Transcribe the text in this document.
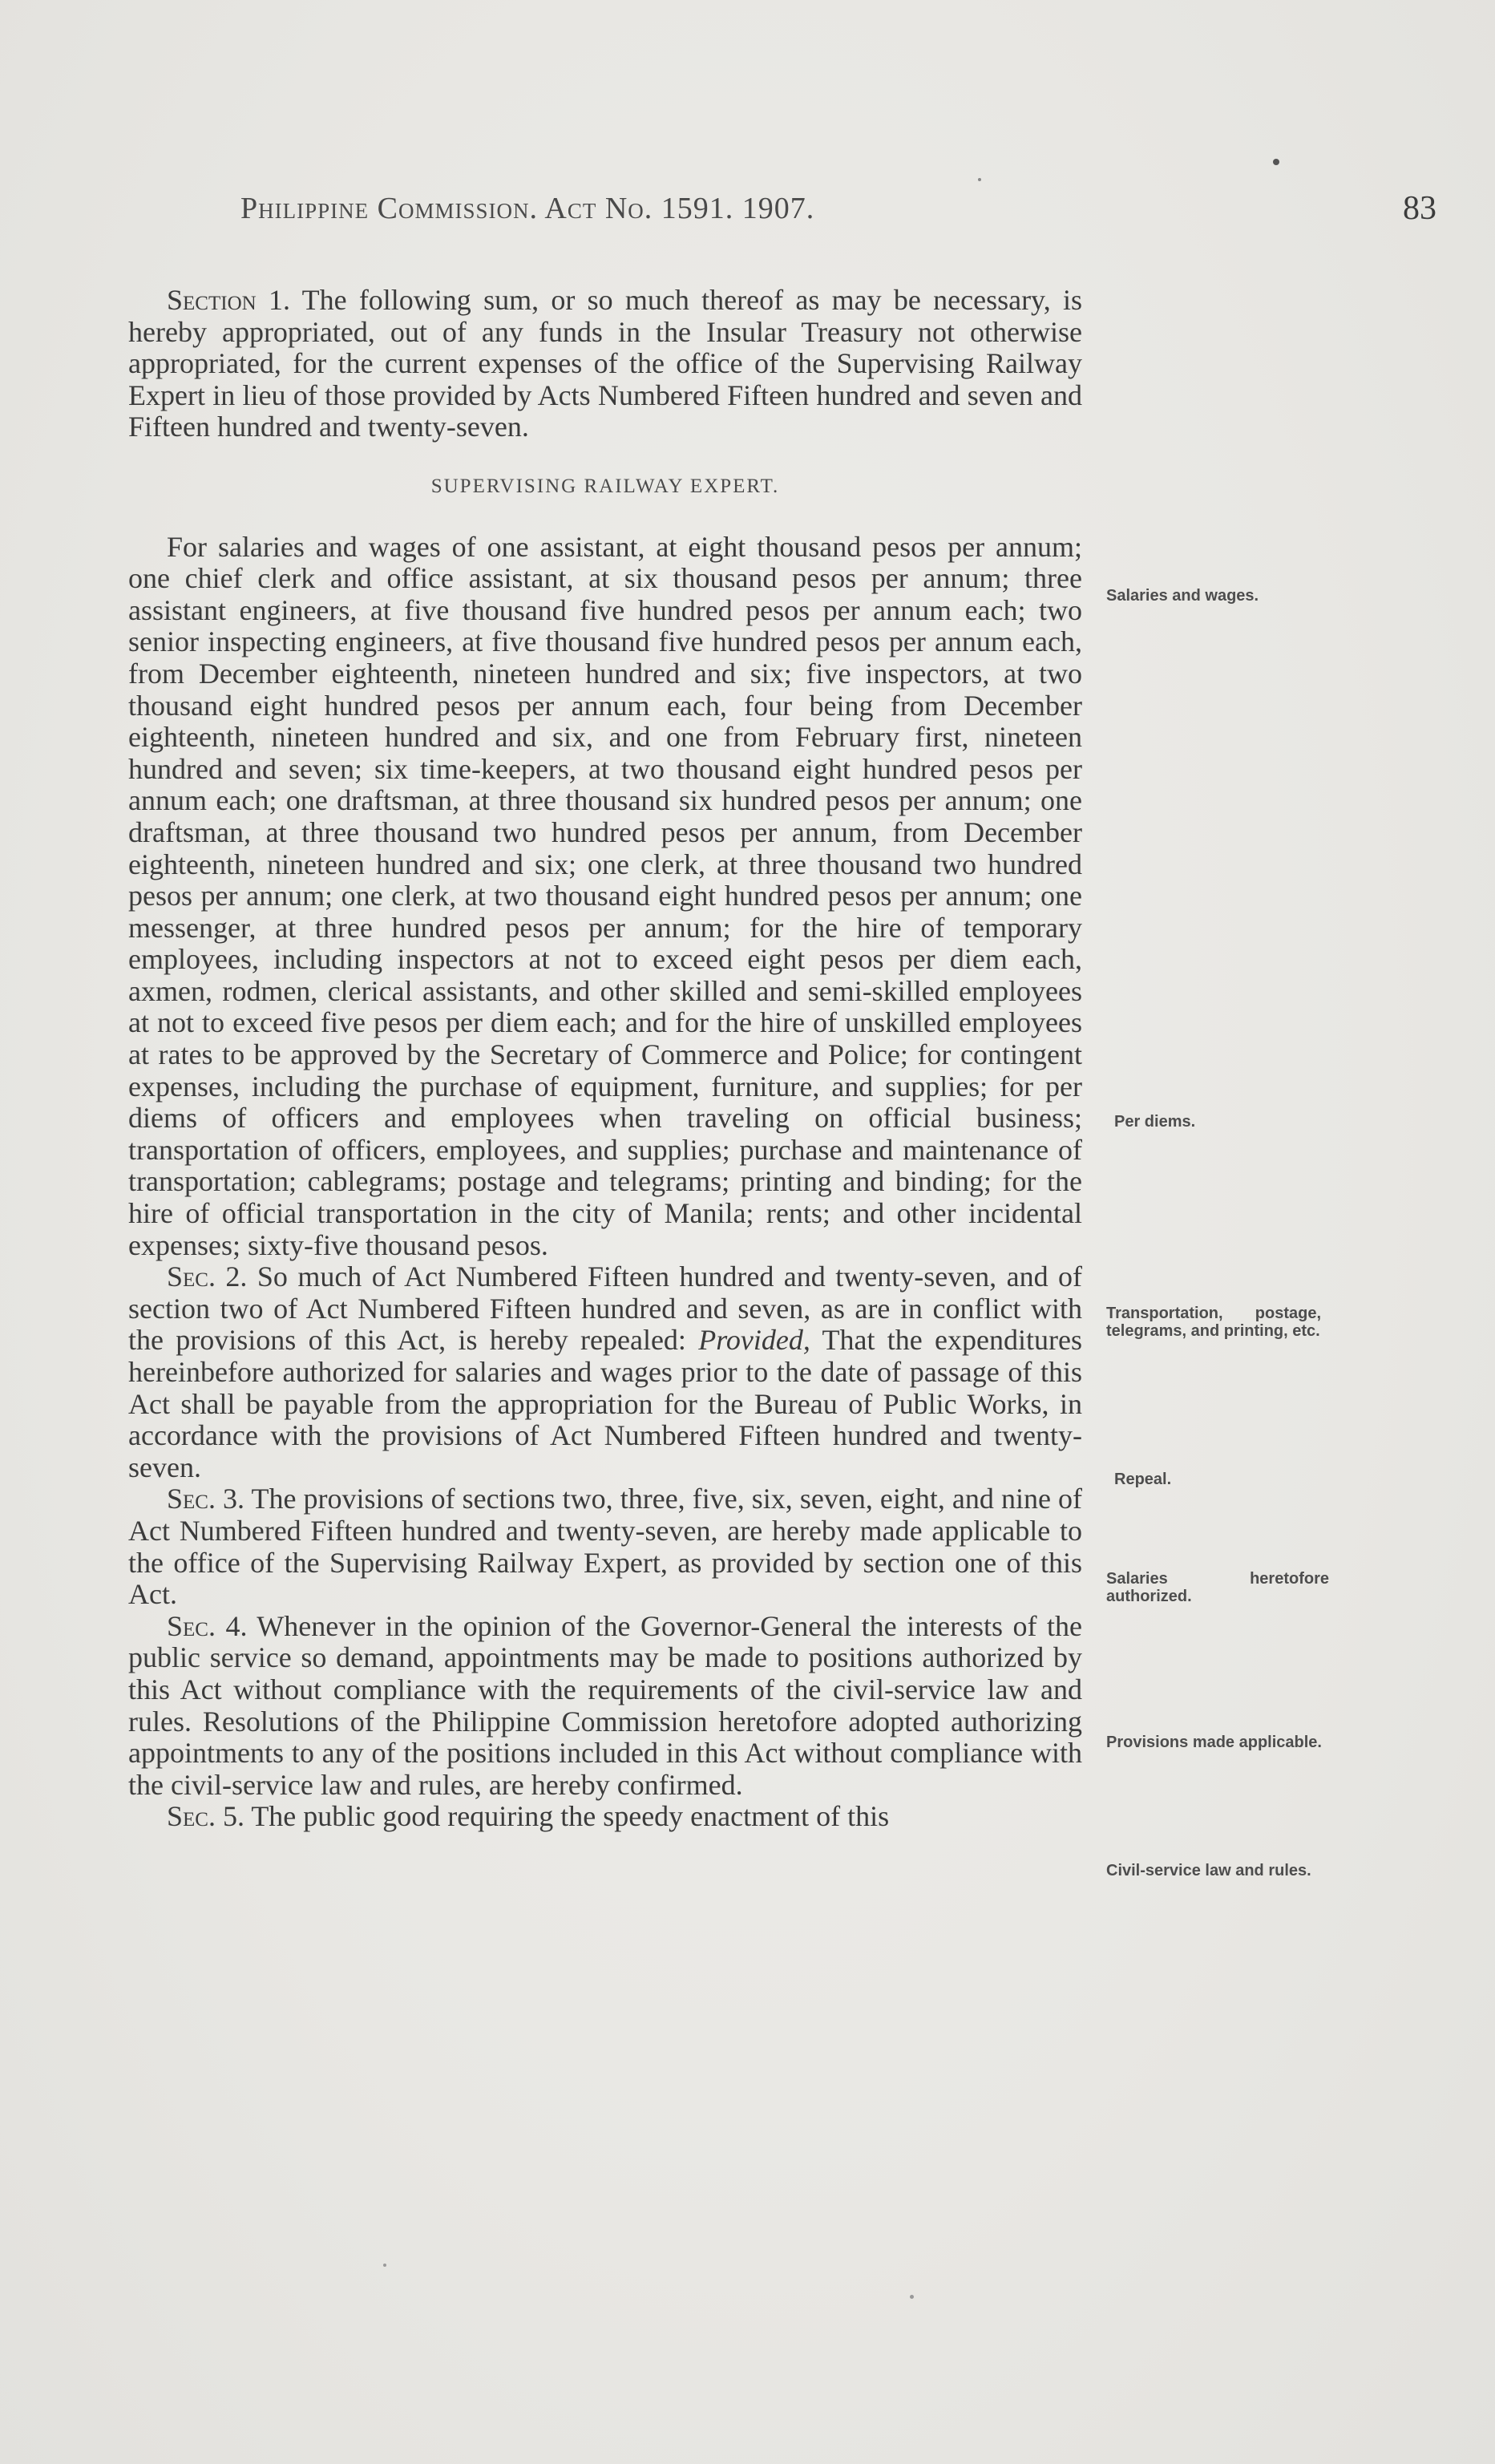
Philippine Commission. Act No. 1591. 1907.	83

Section 1. The following sum, or so much thereof as may be necessary, is hereby appropriated, out of any funds in the Insular Treasury not otherwise appropriated, for the current expenses of the office of the Supervising Railway Expert in lieu of those provided by Acts Numbered Fifteen hundred and seven and Fifteen hundred and twenty-seven.

SUPERVISING RAILWAY EXPERT.

For salaries and wages of one assistant, at eight thousand pesos per annum; one chief clerk and office assistant, at six thousand pesos per annum; three assistant engineers, at five thousand five hundred pesos per annum each; two senior inspecting engineers, at five thousand five hundred pesos per annum each, from December eighteenth, nineteen hundred and six; five inspectors, at two thousand eight hundred pesos per annum each, four being from December eighteenth, nineteen hundred and six, and one from February first, nineteen hundred and seven; six time-keepers, at two thousand eight hundred pesos per annum each; one draftsman, at three thousand six hundred pesos per annum; one draftsman, at three thousand two hundred pesos per annum, from December eighteenth, nineteen hundred and six; one clerk, at three thousand two hundred pesos per annum; one clerk, at two thousand eight hundred pesos per annum; one messenger, at three hundred pesos per annum; for the hire of temporary employees, including inspectors at not to exceed eight pesos per diem each, axmen, rodmen, clerical assistants, and other skilled and semi-skilled employees at not to exceed five pesos per diem each; and for the hire of unskilled employees at rates to be approved by the Secretary of Commerce and Police; for contingent expenses, including the purchase of equipment, furniture, and supplies; for per diems of officers and employees when traveling on official business; transportation of officers, employees, and supplies; purchase and maintenance of transportation; cablegrams; postage and telegrams; printing and binding; for the hire of official transportation in the city of Manila; rents; and other incidental expenses; sixty-five thousand pesos.

Sec. 2. So much of Act Numbered Fifteen hundred and twenty-seven, and of section two of Act Numbered Fifteen hundred and seven, as are in conflict with the provisions of this Act, is hereby repealed: Provided, That the expenditures hereinbefore authorized for salaries and wages prior to the date of passage of this Act shall be payable from the appropriation for the Bureau of Public Works, in accordance with the provisions of Act Numbered Fifteen hundred and twenty-seven.

Sec. 3. The provisions of sections two, three, five, six, seven, eight, and nine of Act Numbered Fifteen hundred and twenty-seven, are hereby made applicable to the office of the Supervising Railway Expert, as provided by section one of this Act.

Sec. 4. Whenever in the opinion of the Governor-General the interests of the public service so demand, appointments may be made to positions authorized by this Act without compliance with the requirements of the civil-service law and rules. Resolutions of the Philippine Commission heretofore adopted authorizing appointments to any of the positions included in this Act without compliance with the civil-service law and rules, are hereby confirmed.

Sec. 5. The public good requiring the speedy enactment of this

Salaries and wages.
Per diems.
Transportation, postage, telegrams, and printing, etc.
Repeal.
Salaries heretofore authorized.
Provisions made applicable.
Civil-service law and rules.
